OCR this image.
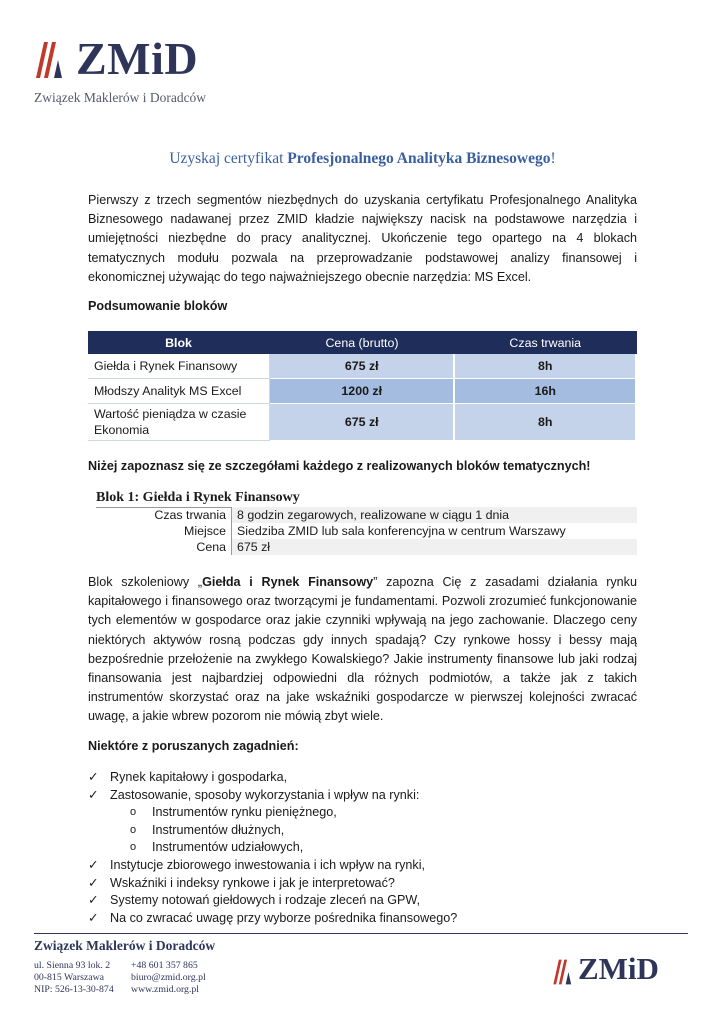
ZMiD
Związek Maklerów i Doradców
Uzyskaj certyfikat Profesjonalnego Analityka Biznesowego!
Pierwszy z trzech segmentów niezbędnych do uzyskania certyfikatu Profesjonalnego Analityka Biznesowego nadawanej przez ZMID kładzie największy nacisk na podstawowe narzędzia i umiejętności niezbędne do pracy analitycznej. Ukończenie tego opartego na 4 blokach tematycznych modułu pozwala na przeprowadzanie podstawowej analizy finansowej i ekonomicznej używając do tego najważniejszego obecnie narzędzia: MS Excel.
Podsumowanie bloków
Blok	Cena (brutto)	Czas trwania
Giełda i Rynek Finansowy	675 zł	8h
Młodszy Analityk MS Excel	1200 zł	16h
Wartość pieniądza w czasie Ekonomia	675 zł	8h
Niżej zapoznasz się ze szczegółami każdego z realizowanych bloków tematycznych!
Blok 1: Giełda i Rynek Finansowy
Czas trwania	8 godzin zegarowych, realizowane w ciągu 1 dnia
Miejsce	Siedziba ZMID lub sala konferencyjna w centrum Warszawy
Cena	675 zł
Blok szkoleniowy „Giełda i Rynek Finansowy” zapozna Cię z zasadami działania rynku kapitałowego i finansowego oraz tworzącymi je fundamentami. Pozwoli zrozumieć funkcjonowanie tych elementów w gospodarce oraz jakie czynniki wpływają na jego zachowanie. Dlaczego ceny niektórych aktywów rosną podczas gdy innych spadają? Czy rynkowe hossy i bessy mają bezpośrednie przełożenie na zwykłego Kowalskiego? Jakie instrumenty finansowe lub jaki rodzaj finansowania jest najbardziej odpowiedni dla różnych podmiotów, a także jak z takich instrumentów skorzystać oraz na jake wskaźniki gospodarcze w pierwszej kolejności zwracać uwagę, a jakie wbrew pozorom nie mówią zbyt wiele.
Niektóre z poruszanych zagadnień:
✓ Rynek kapitałowy i gospodarka,
✓ Zastosowanie, sposoby wykorzystania i wpływ na rynki:
o Instrumentów rynku pieniężnego,
o Instrumentów dłużnych,
o Instrumentów udziałowych,
✓ Instytucje zbiorowego inwestowania i ich wpływ na rynki,
✓ Wskaźniki i indeksy rynkowe i jak je interpretować?
✓ Systemy notowań giełdowych i rodzaje zleceń na GPW,
✓ Na co zwracać uwagę przy wyborze pośrednika finansowego?
Związek Maklerów i Doradców
ul. Sienna 93 lok. 2
00-815 Warszawa
NIP: 526-13-30-874
+48 601 357 865
biuro@zmid.org.pl
www.zmid.org.pl
ZMiD
